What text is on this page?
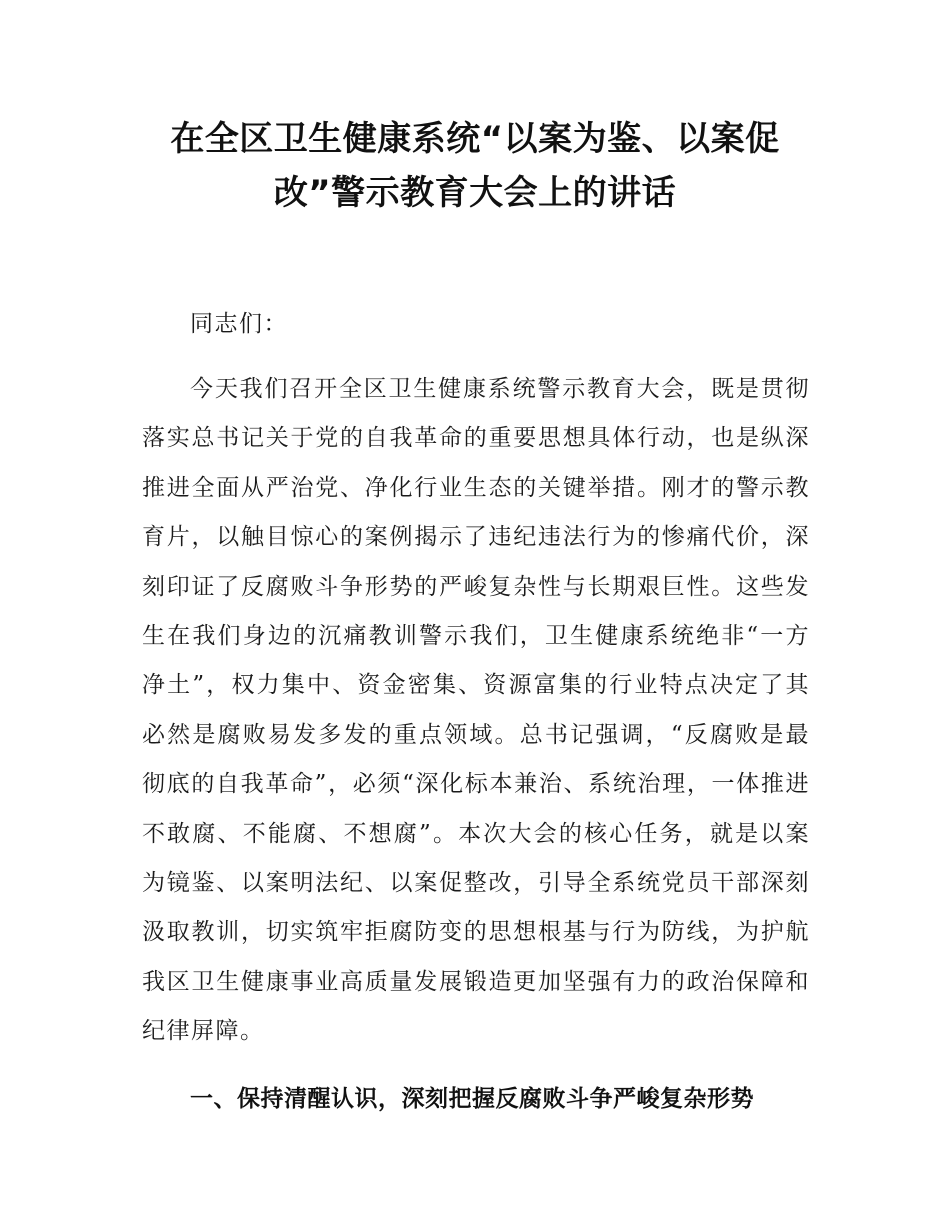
在全区卫生健康系统“以案为鉴、以案促
改”警示教育大会上的讲话

同志们：

今天我们召开全区卫生健康系统警示教育大会，既是贯彻落实总书记关于党的自我革命的重要思想具体行动，也是纵深推进全面从严治党、净化行业生态的关键举措。刚才的警示教育片，以触目惊心的案例揭示了违纪违法行为的惨痛代价，深刻印证了反腐败斗争形势的严峻复杂性与长期艰巨性。这些发生在我们身边的沉痛教训警示我们，卫生健康系统绝非“一方净土”，权力集中、资金密集、资源富集的行业特点决定了其必然是腐败易发多发的重点领域。总书记强调，“反腐败是最彻底的自我革命”，必须“深化标本兼治、系统治理，一体推进不敢腐、不能腐、不想腐”。本次大会的核心任务，就是以案为镜鉴、以案明法纪、以案促整改，引导全系统党员干部深刻汲取教训，切实筑牢拒腐防变的思想根基与行为防线，为护航我区卫生健康事业高质量发展锻造更加坚强有力的政治保障和纪律屏障。

一、保持清醒认识，深刻把握反腐败斗争严峻复杂形势
